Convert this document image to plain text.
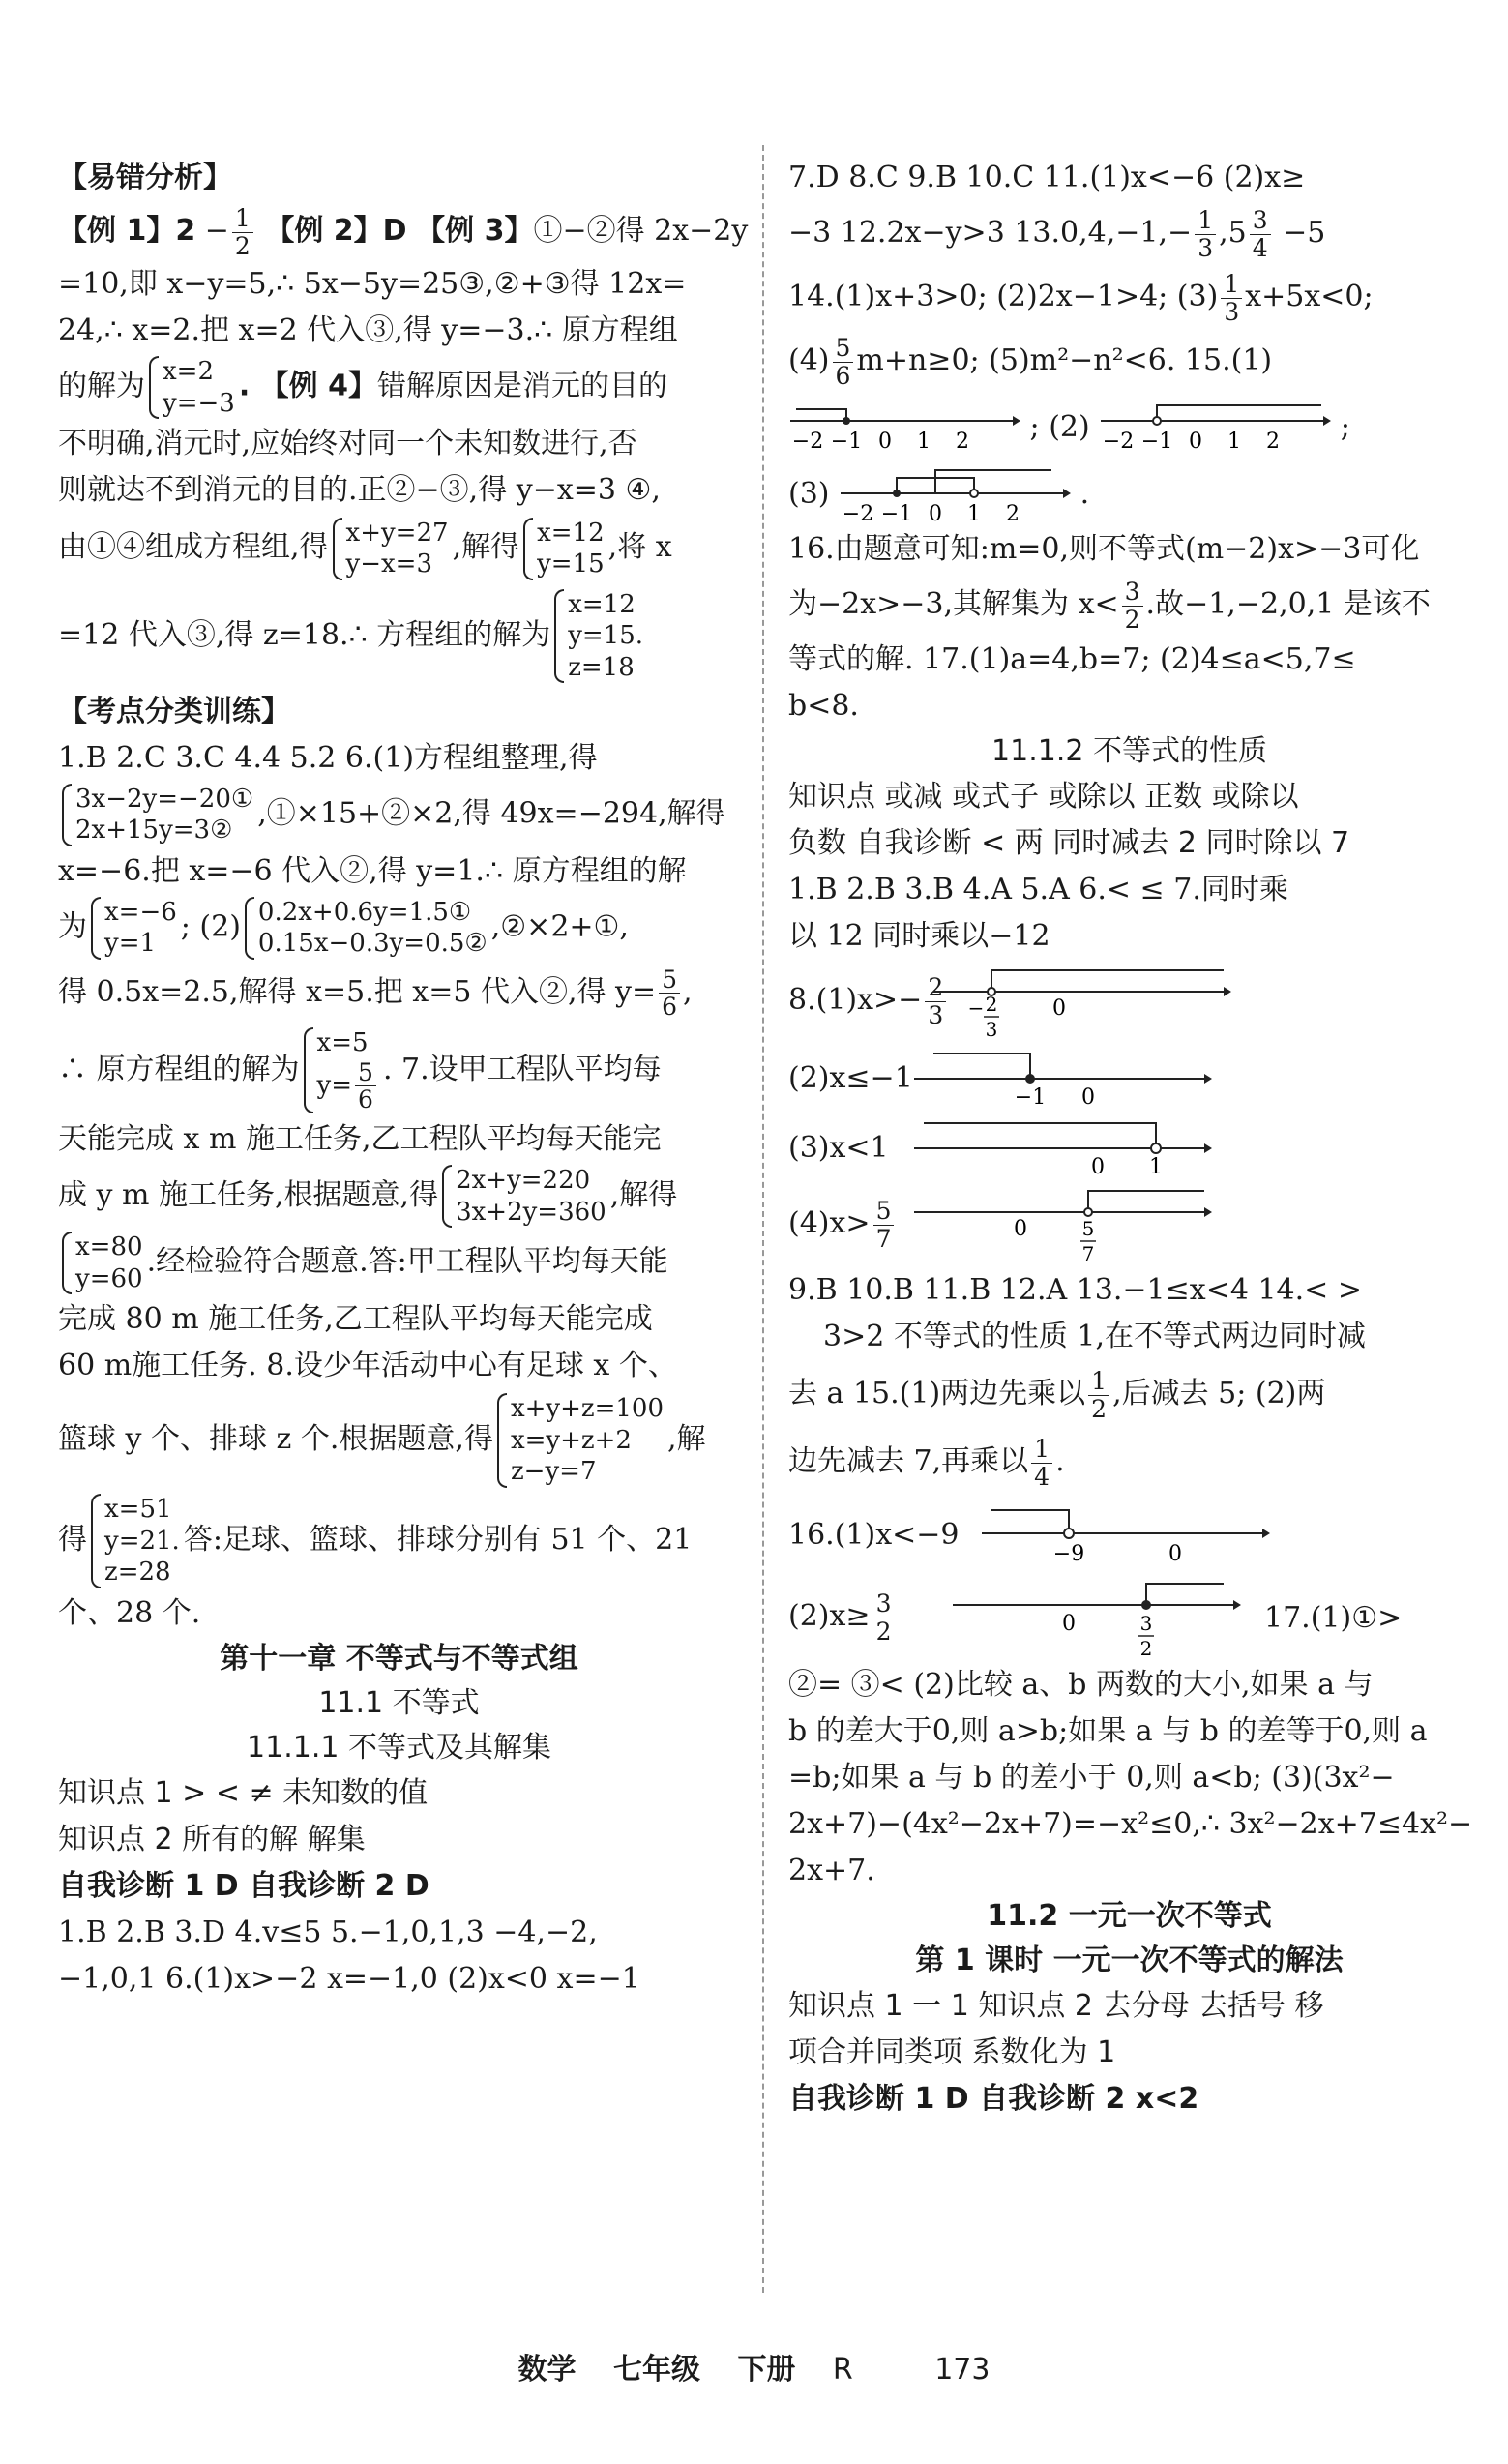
【易错分析】
【例 1】$2 - \frac{1}{2}$ 【例 2】D 【例 3】①−②得 2x−2y
=10,即 x−y=5,∴ 5x−5y=25③,②+③得 12x=
24,∴ x=2.把 x=2 代入③,得 y=−3.∴ 原方程组
的解为 x=2
y=−3 . 【例 4】错解原因是消元的目的
不明确,消元时,应始终对同一个未知数进行,否
则就达不到消元的目的.正②−③,得 y−x=3 ④,
由①④组成方程组,得 x+y=27
y−x=3 ,解得 x=12
y=15 ,将 x
=12 代入③,得 z=18.∴ 方程组的解为
x=12
y=15.
z=18
【考点分类训练】
1.B 2.C 3.C 4.4 5.2 6.(1)方程组整理,得
3x−2y=−20①
2x+15y=3② ,①×15+②×2,得 49x=−294,解得
x=−6.把 x=−6 代入②,得 y=1.∴ 原方程组的解
为 x=−6
y=1 ; (2) 0.2x+0.6y=1.5①
0.15x−0.3y=0.5② ,②×2+①,
得 0.5x=2.5,解得 x=5.把 x=5 代入②,得 $y= \frac{5}{6}$ ,
∴ 原方程组的解为
x=5
$y= \frac{5}{6}$ . 7.设甲工程队平均每
天能完成 x m 施工任务,乙工程队平均每天能完
成 y m 施工任务,根据题意,得 2x+y=220
3x+2y=360 ,解得
x=80
y=60 .经检验符合题意.答:甲工程队平均每天能
完成 80 m 施工任务,乙工程队平均每天能完成
60 m施工任务. 8.设少年活动中心有足球 x 个、
篮球 y 个、排球 z 个.根据题意,得
x+y+z=100
x=y+z+2
z−y=7
,解
得
x=51
y=21.
z=28
答:足球、篮球、排球分别有 51 个、21
个、28 个.
第十一章 不等式与不等式组
11.1 不等式
11.1.1 不等式及其解集
知识点 1 > < ≠ 未知数的值
知识点 2 所有的解 解集
自我诊断 1 D 自我诊断 2 D
1.B 2.B 3.D 4.v≤5 5.−1,0,1,3 −4,−2,
−1,0,1 6.(1)x>−2 x=−1,0 (2)x<0 x=−1
7.D 8.C 9.B 10.C 11.(1)x<−6 (2)x≥
−3 12.2x−y>3 $13.0,4,-1,- \frac{1}{3} ,5 \frac{3}{4} -5$
14.(1)x+3>0; (2)2x−1>4; $(3) \frac{1}{3} x+5x<0$;
$(4) \frac{5}{6} m+n\ge 0$; (5)m²−n²<6. 15.(1)
−2 −1 0 1 2 ; (2) −2 −1 0 1 2 ;
(3)
−2 −1 0 1 2
.
16.由题意可知:m=0,则不等式(m−2)x>−3可化
为−2x>−3,其解集为 $x< \frac{3}{2}$ .故−1,−2,0,1 是该不
等式的解. 17.(1)a=4,b=7; (2)4≤a<5,7≤
b<8.
11.1.2 不等式的性质
知识点 或减 或式子 或除以 正数 或除以
负数 自我诊断 < 两 同时减去 2 同时除以 7
1.B 2.B 3.B 4.A 5.A 6.< ≤ 7.同时乘
以 12 同时乘以−12
$8.(1)x>- \frac{2}{3} - 2$
3
0
(2)x≤−1
−1 0
(3)x<1
0 1
$(4)x> \frac{5}{7}$	0	5
7
9.B 10.B 11.B 12.A 13.−1≤x<4 14.< >
3>2 不等式的性质 1,在不等式两边同时减
去 a 15.(1)两边先乘以 $\frac{1}{2}$ ,后减去 5; (2)两
边先减去 7,再乘以 $\frac{1}{4}$ .
16.(1)x<−9
−9	0
$(2)x\ge \frac{3}{2}$	0	3
2
17.(1)①>
②= ③< (2)比较 a、b 两数的大小,如果 a 与
b 的差大于0,则 a>b;如果 a 与 b 的差等于0,则 a
=b;如果 a 与 b 的差小于 0,则 a<b; (3)(3x²−
2x+7)−(4x²−2x+7)=−x²≤0,∴ 3x²−2x+7≤4x²−
2x+7.
11.2 一元一次不等式
第 1 课时 一元一次不等式的解法
知识点 1 一 1 知识点 2 去分母 去括号 移
项合并同类项 系数化为 1
自我诊断 1 D 自我诊断 2 x<2
数学 七年级 下册 R	173
